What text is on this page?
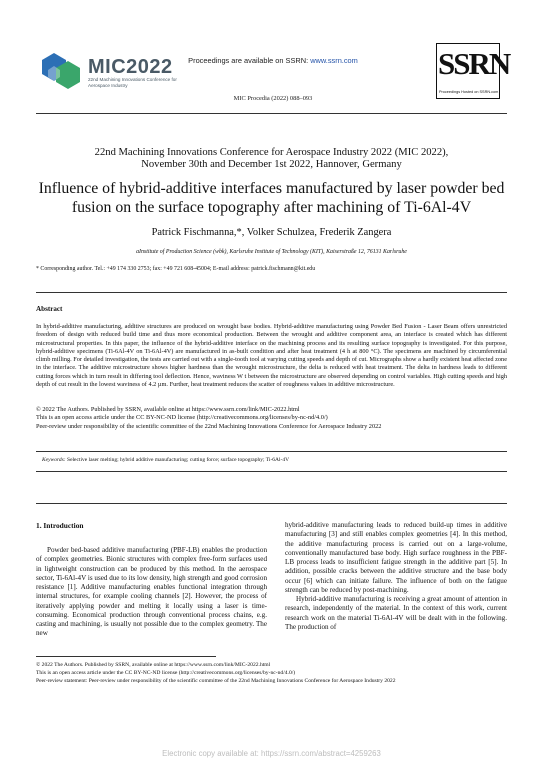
MIC2022
22nd Machining Innovations Conference for Aerospace Industry
Proceedings are available on SSRN: www.ssrn.com
MIC Procedia (2022) 088–093
SSRN
Proceedings Hosted on SSRN.com
22nd Machining Innovations Conference for Aerospace Industry 2022 (MIC 2022),
November 30th and December 1st 2022, Hannover, Germany
Influence of hybrid-additive interfaces manufactured by laser powder bed fusion on the surface topography after machining of Ti-6Al-4V
Patrick Fischmanna,*, Volker Schulzea, Frederik Zangera
aInstitute of Production Science (wbk), Karlsruhe Institute of Technology (KIT), Kaiserstraße 12, 76131 Karlsruhe
* Corresponding author. Tel.: +49 174 330 2753; fax: +49 721 608-45004; E-mail address: patrick.fischmann@kit.edu
Abstract
In hybrid-additive manufacturing, additive structures are produced on wrought base bodies. Hybrid-additive manufacturing using Powder Bed Fusion - Laser Beam offers unrestricted freedom of design with reduced build time and thus more economical production. Between the wrought and additive component area, an interface is created which has different microstructural properties. In this paper, the influence of the hybrid-additive interface on the machining process and its resulting surface topography is investigated. For this purpose, hybrid-additive specimens (Ti-6Al-4V on Ti-6Al-4V) are manufactured in as-built condition and after heat treatment (4 h at 800 °C). The specimens are machined by circumferential climb milling. For detailed investigation, the tests are carried out with a single-tooth tool at varying cutting speeds and depth of cut. Micrographs show a hardly existent heat affected zone in the interface. The additive microstructure shows higher hardness than the wrought microstructure, the delta is reduced with heat treatment. The delta in hardness leads to different cutting forces which in turn result in differing tool deflection. Hence, waviness W t between the microstructure are observed depending on control variables. High cutting speeds and high depth of cut result in the lowest waviness of 4.2 µm. Further, heat treatment reduces the scatter of roughness values in additive microstructure.
© 2022 The Authors. Published by SSRN, available online at https://www.ssrn.com/link/MIC-2022.html
This is an open access article under the CC BY-NC-ND license (http://creativecommons.org/licenses/by-nc-nd/4.0/)
Peer-review under responsibility of the scientific committee of the 22nd Machining Innovations Conference for Aerospace Industry 2022
Keywords: Selective laser melting; hybrid additive manufacturing; cutting force; surface topography; Ti-6Al-4V
1. Introduction

Powder bed-based additive manufacturing (PBF-LB) enables the production of complex geometries. Bionic structures with complex free-form surfaces used in lightweight construction can be produced by this method. In the aerospace sector, Ti-6Al-4V is used due to its low density, high strength and good corrosion resistance [1]. Additive manufacturing enables functional integration through internal structures, for example cooling channels [2]. However, the process of iteratively applying powder and melting it locally using a laser is time-consuming. Economical production through conventional process chains, e.g. casting and machining, is usually not possible due to the complex geometry. The new

hybrid-additive manufacturing leads to reduced build-up times in additive manufacturing [3] and still enables complex geometries [4]. In this method, the additive manufacturing process is carried out on a large-volume, conventionally manufactured base body. High surface roughness in the PBF-LB process leads to insufficient fatigue strength in the additive part [5]. In addition, possible cracks between the additive structure and the base body occur [6] which can initiate failure. The influence of both on the fatigue strength can be reduced by post-machining.

Hybrid-additive manufacturing is receiving a great amount of attention in research, independently of the material. In the context of this work, current research work on the material Ti-6Al-4V will be dealt with in the following. The production of

© 2022 The Authors. Published by SSRN, available online at https://www.ssrn.com/link/MIC-2022.html
This is an open access article under the CC BY-NC-ND license (http://creativecommons.org/licenses/by-nc-nd/4.0/)
Peer-review statement: Peer-review under responsibility of the scientific committee of the 22nd Machining Innovations Conference for Aerospace Industry 2022
Electronic copy available at: https://ssrn.com/abstract=4259263
